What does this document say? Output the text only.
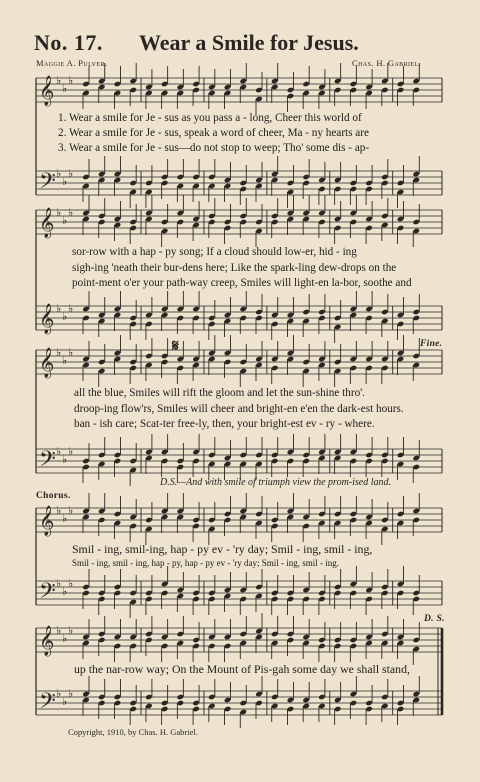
𝄞 ♭
♭
♭
𝄢 ♭
♭
♭
𝄞 ♭
♭
♭
𝄞 ♭
♭
♭
𝄞 ♭
♭
♭
𝄢 ♭
♭
♭
𝄞 ♭
♭
♭
𝄢 ♭
♭
♭
𝄞 ♭
♭
♭
𝄢 ♭
♭
♭
No. 17. Wear a Smile for Jesus.
Maggie A. Pulver.	Chas. H. Gabriel.
1. Wear a smile for Je - sus as you pass a - long, Cheer this world of
2. Wear a smile for Je - sus, speak a word of cheer, Ma - ny hearts are
3. Wear a smile for Je - sus—do not stop to weep; Tho' some dis - ap-
sor-row with a hap - py song; If a cloud should low-er, hid - ing
sigh-ing 'neath their bur-dens here; Like the spark-ling dew-drops on the
point-ment o'er your path-way creep, Smiles will light-en la-bor, soothe and
𝄋	Fine.
all the blue, Smiles will rift the gloom and let the sun-shine thro'.
droop-ing flow'rs, Smiles will cheer and bright-en e'en the dark-est hours.
ban - ish care; Scat-ter free-ly, then, your bright-est ev - ry - where.
D.S.—And with smile of triumph view the prom-ised land.
Chorus.
Smil - ing, smil-ing, hap - py ev - 'ry day; Smil - ing, smil - ing,
Smil - ing, smil - ing, hap - py, hap - py ev - 'ry day; Smil - ing, smil - ing.
D. S.
up the nar-row way; On the Mount of Pis-gah some day we shall stand,
Copyright, 1910, by Chas. H. Gabriel.
